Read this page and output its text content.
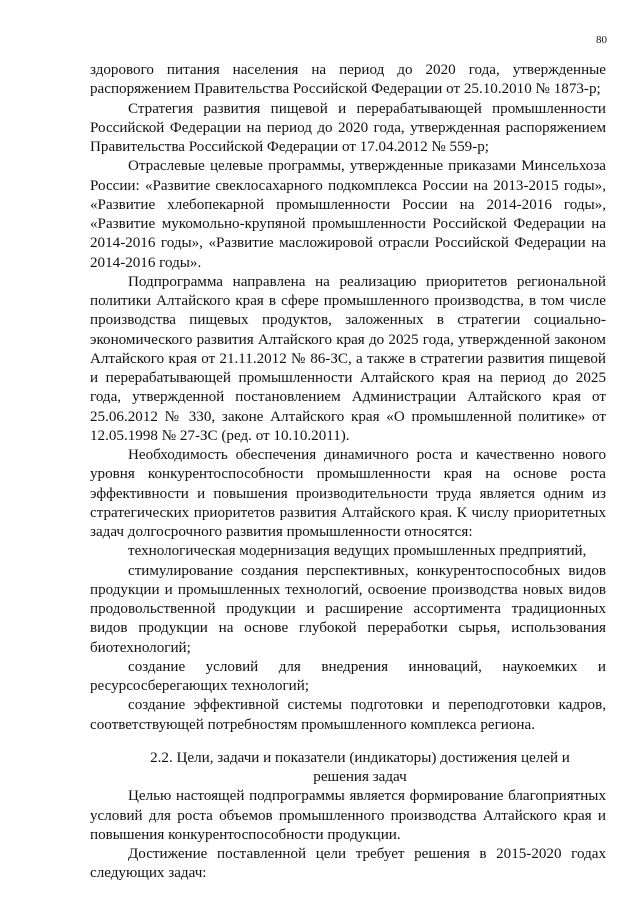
80

здорового питания населения на период до 2020 года, утвержденные распоряжением Правительства Российской Федерации от 25.10.2010 № 1873-р;

Стратегия развития пищевой и перерабатывающей промышленности Российской Федерации на период до 2020 года, утвержденная распоряжением Правительства Российской Федерации от 17.04.2012 № 559-р;

Отраслевые целевые программы, утвержденные приказами Минсельхоза России: «Развитие свеклосахарного подкомплекса России на 2013-2015 годы», «Развитие хлебопекарной промышленности России на 2014-2016 годы», «Развитие мукомольно-крупяной промышленности Российской Федерации на 2014-2016 годы», «Развитие масложировой отрасли Российской Федерации на 2014-2016 годы».

Подпрограмма направлена на реализацию приоритетов региональной политики Алтайского края в сфере промышленного производства, в том числе производства пищевых продуктов, заложенных в стратегии социально-экономического развития Алтайского края до 2025 года, утвержденной законом Алтайского края от 21.11.2012 № 86-ЗС, а также в стратегии развития пищевой и перерабатывающей промышленности Алтайского края на период до 2025 года, утвержденной постановлением Администрации Алтайского края от 25.06.2012 № 330, законе Алтайского края «О промышленной политике» от 12.05.1998 № 27-ЗС (ред. от 10.10.2011).

Необходимость обеспечения динамичного роста и качественно нового уровня конкурентоспособности промышленности края на основе роста эффективности и повышения производительности труда является одним из стратегических приоритетов развития Алтайского края. К числу приоритетных задач долгосрочного развития промышленности относятся:

технологическая модернизация ведущих промышленных предприятий,

стимулирование создания перспективных, конкурентоспособных видов продукции и промышленных технологий, освоение производства новых видов продовольственной продукции и расширение ассортимента традиционных видов продукции на основе глубокой переработки сырья, использования биотехнологий;

создание условий для внедрения инноваций, наукоемких и ресурсосберегающих технологий;

создание эффективной системы подготовки и переподготовки кадров, соответствующей потребностям промышленного комплекса региона.

2.2. Цели, задачи и показатели (индикаторы) достижения целей и
решения задач

Целью настоящей подпрограммы является формирование благоприятных условий для роста объемов промышленного производства Алтайского края и повышения конкурентоспособности продукции.

Достижение поставленной цели требует решения в 2015-2020 годах следующих задач:
